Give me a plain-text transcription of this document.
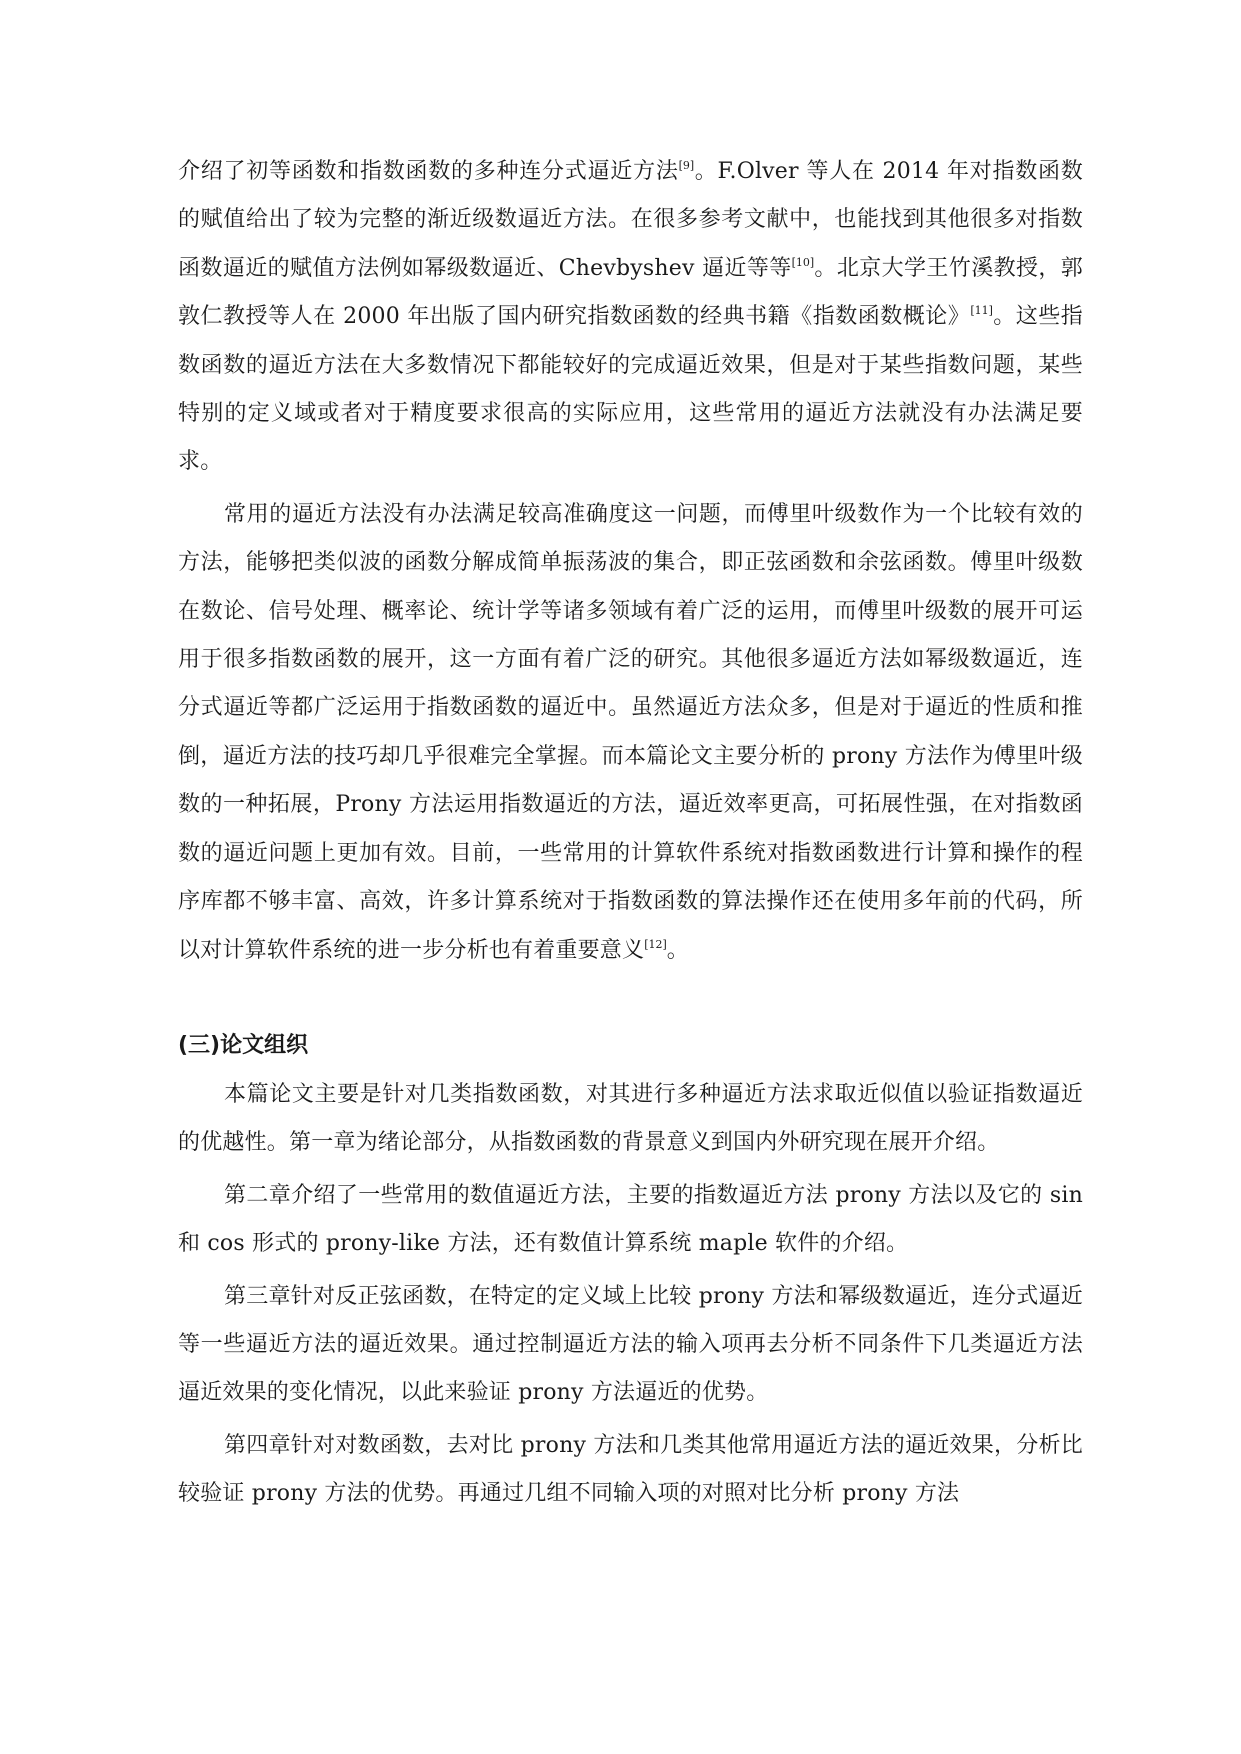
介绍了初等函数和指数函数的多种连分式逼近方法[9]。F.Olver 等人在 2014 年对指数函数的赋值给出了较为完整的渐近级数逼近方法。在很多参考文献中，也能找到其他很多对指数函数逼近的赋值方法例如幂级数逼近、Chevbyshev 逼近等等[10]。北京大学王竹溪教授，郭敦仁教授等人在 2000 年出版了国内研究指数函数的经典书籍《指数函数概论》[11]。这些指数函数的逼近方法在大多数情况下都能较好的完成逼近效果，但是对于某些指数问题，某些特别的定义域或者对于精度要求很高的实际应用，这些常用的逼近方法就没有办法满足要求。

常用的逼近方法没有办法满足较高准确度这一问题，而傅里叶级数作为一个比较有效的方法，能够把类似波的函数分解成简单振荡波的集合，即正弦函数和余弦函数。傅里叶级数在数论、信号处理、概率论、统计学等诸多领域有着广泛的运用，而傅里叶级数的展开可运用于很多指数函数的展开，这一方面有着广泛的研究。其他很多逼近方法如幂级数逼近，连分式逼近等都广泛运用于指数函数的逼近中。虽然逼近方法众多，但是对于逼近的性质和推倒，逼近方法的技巧却几乎很难完全掌握。而本篇论文主要分析的 prony 方法作为傅里叶级数的一种拓展，Prony 方法运用指数逼近的方法，逼近效率更高，可拓展性强，在对指数函数的逼近问题上更加有效。目前，一些常用的计算软件系统对指数函数进行计算和操作的程序库都不够丰富、高效，许多计算系统对于指数函数的算法操作还在使用多年前的代码，所以对计算软件系统的进一步分析也有着重要意义[12]。

(三)论文组织

本篇论文主要是针对几类指数函数，对其进行多种逼近方法求取近似值以验证指数逼近的优越性。第一章为绪论部分，从指数函数的背景意义到国内外研究现在展开介绍。

第二章介绍了一些常用的数值逼近方法，主要的指数逼近方法 prony 方法以及它的 sin 和 cos 形式的 prony-like 方法，还有数值计算系统 maple 软件的介绍。

第三章针对反正弦函数，在特定的定义域上比较 prony 方法和幂级数逼近，连分式逼近等一些逼近方法的逼近效果。通过控制逼近方法的输入项再去分析不同条件下几类逼近方法逼近效果的变化情况，以此来验证 prony 方法逼近的优势。

第四章针对对数函数，去对比 prony 方法和几类其他常用逼近方法的逼近效果，分析比较验证 prony 方法的优势。再通过几组不同输入项的对照对比分析 prony 方法
